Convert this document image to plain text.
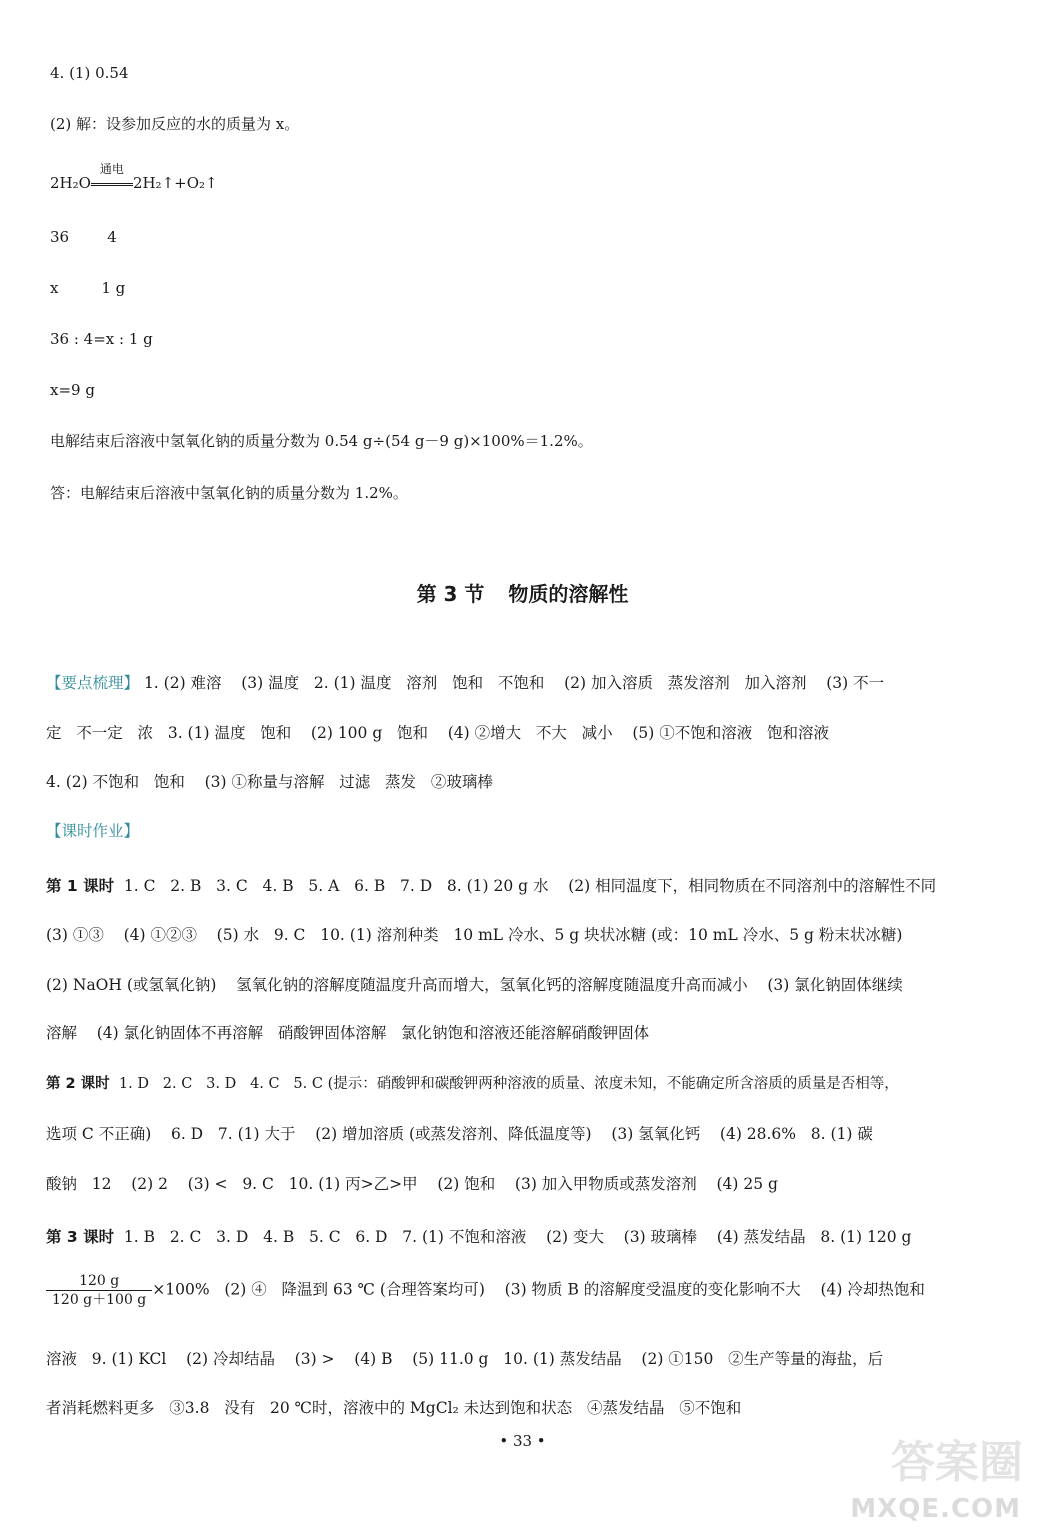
4. (1) 0.54
(2) 解：设参加反应的水的质量为 x。
2H₂O
通电
2H₂↑+O₂↑
36        4
x         1 g
36 : 4=x : 1 g
x=9 g
电解结束后溶液中氢氧化钠的质量分数为 0.54 g÷(54 g－9 g)×100%＝1.2%。
答：电解结束后溶液中氢氧化钠的质量分数为 1.2%。
第 3 节 物质的溶解性
【要点梳理】 1. (2) 难溶    (3) 温度   2. (1) 温度   溶剂   饱和   不饱和    (2) 加入溶质   蒸发溶剂   加入溶剂    (3) 不一
定   不一定   浓   3. (1) 温度   饱和    (2) 100 g   饱和    (4) ②增大   不大   减小    (5) ①不饱和溶液   饱和溶液
4. (2) 不饱和   饱和    (3) ①称量与溶解   过滤   蒸发   ②玻璃棒
【课时作业】
第 1 课时  1. C   2. B   3. C   4. B   5. A   6. B   7. D   8. (1) 20 g 水    (2) 相同温度下，相同物质在不同溶剂中的溶解性不同
(3) ①③    (4) ①②③    (5) 水   9. C   10. (1) 溶剂种类   10 mL 冷水、5 g 块状冰糖 (或：10 mL 冷水、5 g 粉末状冰糖)
(2) NaOH (或氢氧化钠)    氢氧化钠的溶解度随温度升高而增大，氢氧化钙的溶解度随温度升高而减小    (3) 氯化钠固体继续
溶解    (4) 氯化钠固体不再溶解   硝酸钾固体溶解   氯化钠饱和溶液还能溶解硝酸钾固体
第 2 课时  1. D   2. C   3. D   4. C   5. C (提示：硝酸钾和碳酸钾两种溶液的质量、浓度未知，不能确定所含溶质的质量是否相等，
选项 C 不正确)    6. D   7. (1) 大于    (2) 增加溶质 (或蒸发溶剂、降低温度等)    (3) 氢氧化钙    (4) 28.6%   8. (1) 碳
酸钠   12    (2) 2    (3) <   9. C   10. (1) 丙>乙>甲    (2) 饱和    (3) 加入甲物质或蒸发溶剂    (4) 25 g
第 3 课时  1. B   2. C   3. D   4. B   5. C   6. D   7. (1) 不饱和溶液    (2) 变大    (3) 玻璃棒    (4) 蒸发结晶   8. (1) 120 g
$\frac{120 g}{120 g+100 g} \times 100\%$   (2) ④   降温到 63 ℃ (合理答案均可)    (3) 物质 B 的溶解度受温度的变化影响不大    (4) 冷却热饱和
溶液   9. (1) KCl    (2) 冷却结晶    (3) >    (4) B    (5) 11.0 g   10. (1) 蒸发结晶    (2) ①150   ②生产等量的海盐，后
者消耗燃料更多   ③3.8   没有   20 ℃时，溶液中的 MgCl₂ 未达到饱和状态   ④蒸发结晶   ⑤不饱和
• 33 •	答案圈
MXQE.COM
